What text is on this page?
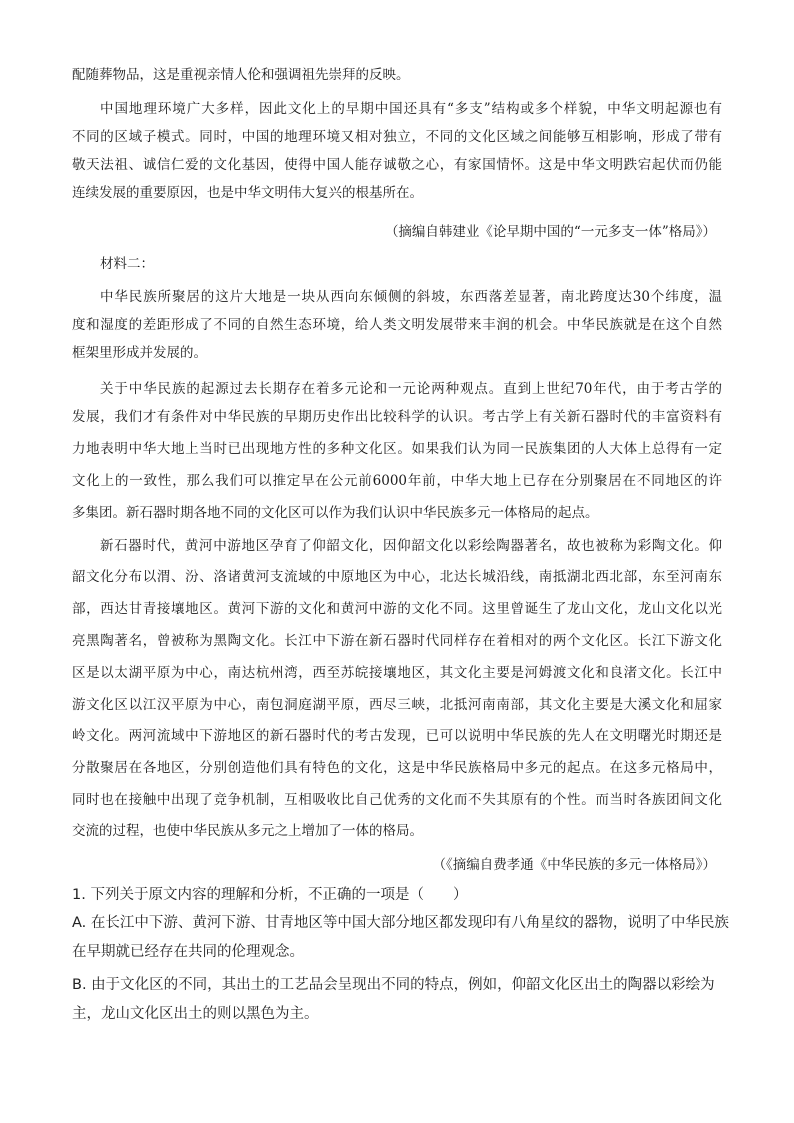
配随葬物品，这是重视亲情人伦和强调祖先崇拜的反映。
中国地理环境广大多样，因此文化上的早期中国还具有“多支”结构或多个样貌，中华文明起源也有
不同的区域子模式。同时，中国的地理环境又相对独立，不同的文化区域之间能够互相影响，形成了带有
敬天法祖、诚信仁爱的文化基因，使得中国人能存诚敬之心，有家国情怀。这是中华文明跌宕起伏而仍能
连续发展的重要原因，也是中华文明伟大复兴的根基所在。
（摘编自韩建业《论早期中国的“一元多支一体”格局》）
材料二：
中华民族所聚居的这片大地是一块从西向东倾侧的斜坡，东西落差显著，南北跨度达30个纬度，温
度和湿度的差距形成了不同的自然生态环境，给人类文明发展带来丰润的机会。中华民族就是在这个自然
框架里形成并发展的。
关于中华民族的起源过去长期存在着多元论和一元论两种观点。直到上世纪70年代，由于考古学的
发展，我们才有条件对中华民族的早期历史作出比较科学的认识。考古学上有关新石器时代的丰富资料有
力地表明中华大地上当时已出现地方性的多种文化区。如果我们认为同一民族集团的人大体上总得有一定
文化上的一致性，那么我们可以推定早在公元前6000年前，中华大地上已存在分别聚居在不同地区的许
多集团。新石器时期各地不同的文化区可以作为我们认识中华民族多元一体格局的起点。
新石器时代，黄河中游地区孕育了仰韶文化，因仰韶文化以彩绘陶器著名，故也被称为彩陶文化。仰
韶文化分布以渭、汾、洛诸黄河支流域的中原地区为中心，北达长城沿线，南抵湖北西北部，东至河南东
部，西达甘青接壤地区。黄河下游的文化和黄河中游的文化不同。这里曾诞生了龙山文化，龙山文化以光
亮黑陶著名，曾被称为黑陶文化。长江中下游在新石器时代同样存在着相对的两个文化区。长江下游文化
区是以太湖平原为中心，南达杭州湾，西至苏皖接壤地区，其文化主要是河姆渡文化和良渚文化。长江中
游文化区以江汉平原为中心，南包洞庭湖平原，西尽三峡，北抵河南南部，其文化主要是大溪文化和屈家
岭文化。两河流域中下游地区的新石器时代的考古发现，已可以说明中华民族的先人在文明曙光时期还是
分散聚居在各地区，分别创造他们具有特色的文化，这是中华民族格局中多元的起点。在这多元格局中，
同时也在接触中出现了竞争机制，互相吸收比自己优秀的文化而不失其原有的个性。而当时各族团间文化
交流的过程，也使中华民族从多元之上增加了一体的格局。
（《摘编自费孝通《中华民族的多元一体格局》）
1. 下列关于原文内容的理解和分析，不正确的一项是（　　）
A. 在长江中下游、黄河下游、甘青地区等中国大部分地区都发现印有八角星纹的器物，说明了中华民族
在早期就已经存在共同的伦理观念。
B. 由于文化区的不同，其出土的工艺品会呈现出不同的特点，例如，仰韶文化区出土的陶器以彩绘为
主，龙山文化区出土的则以黑色为主。
